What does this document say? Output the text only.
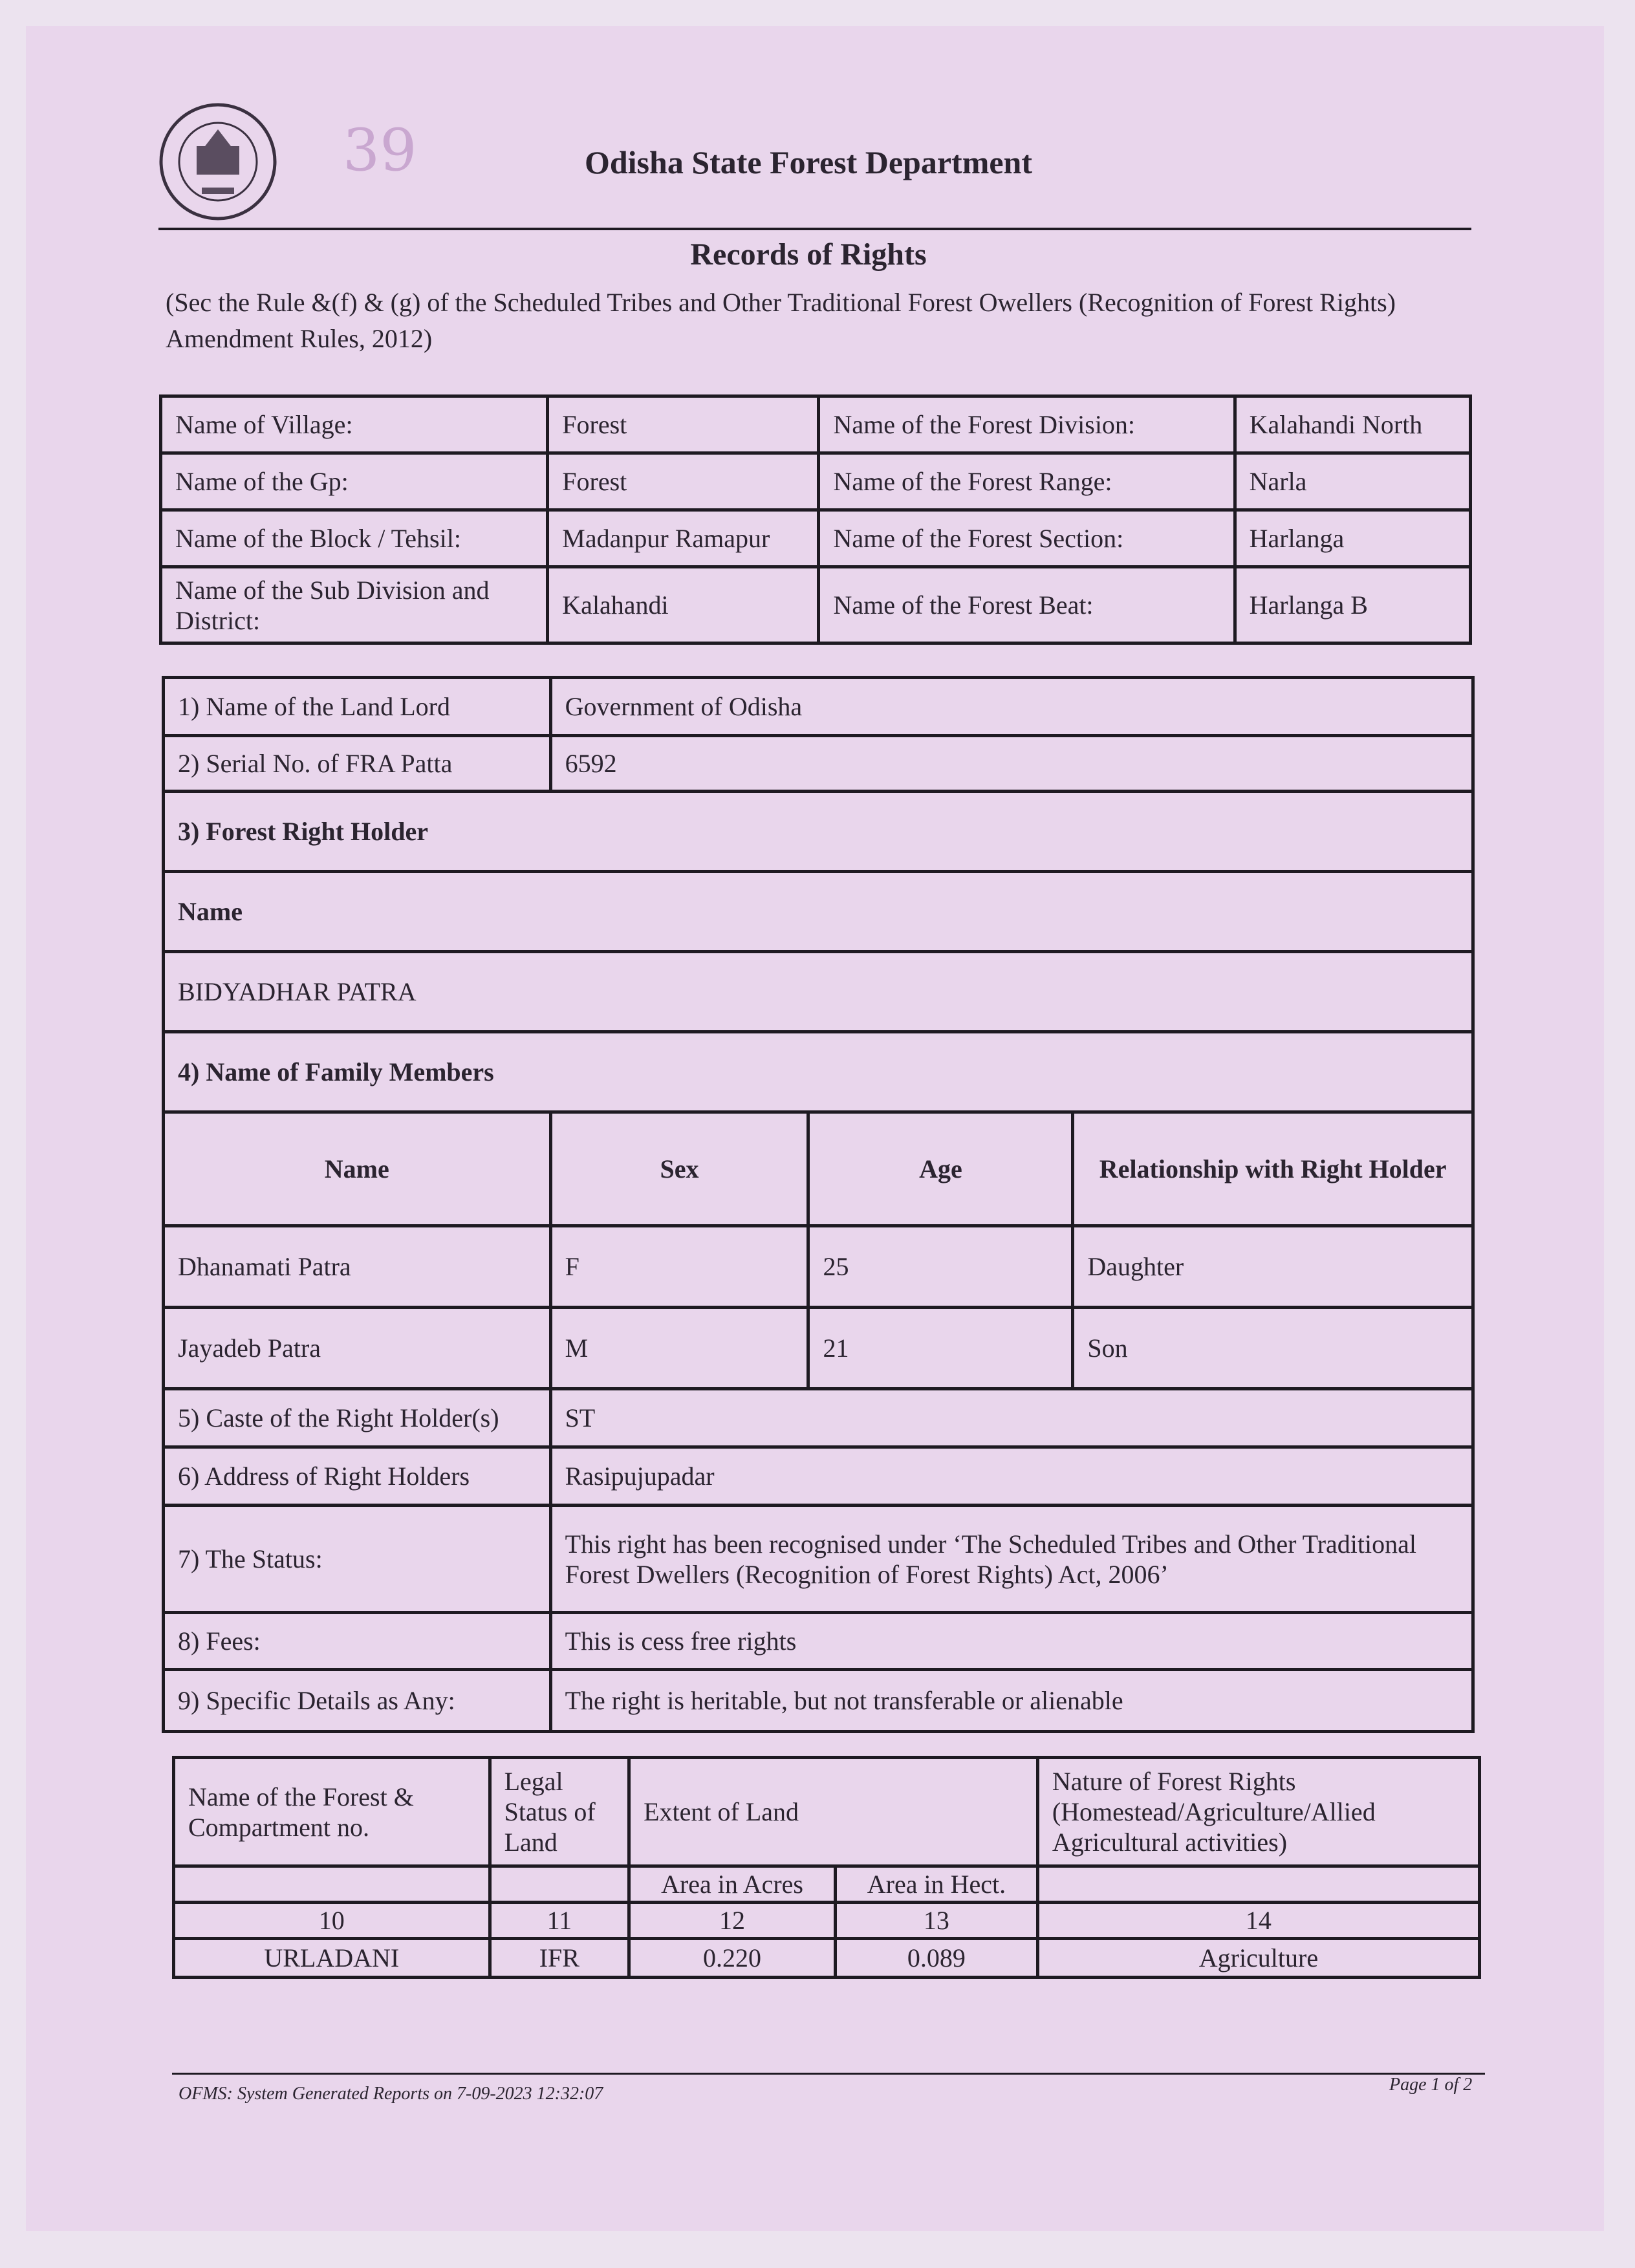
39	Odisha State Forest Department
Records of Rights
(Sec the Rule &(f) & (g) of the Scheduled Tribes and Other Traditional Forest Owellers (Recognition of Forest Rights) Amendment Rules, 2012)
Name of Village:	Forest	Name of the Forest Division:	Kalahandi North
Name of the Gp:	Forest	Name of the Forest Range:	Narla
Name of the Block / Tehsil:	Madanpur Ramapur	Name of the Forest Section:	Harlanga
Name of the Sub Division and District:	Kalahandi	Name of the Forest Beat:	Harlanga B
1) Name of the Land Lord	Government of Odisha		
2) Serial No. of FRA Patta	6592		
3) Forest Right Holder			
Name			
BIDYADHAR PATRA			
4) Name of Family Members			
Name	Sex	Age	Relationship with Right Holder
Dhanamati Patra	F	25	Daughter
Jayadeb Patra	M	21	Son
5) Caste of the Right Holder(s)	ST		
6) Address of Right Holders	Rasipujupadar		
7) The Status:	This right has been recognised under ‘The Scheduled Tribes and Other Traditional
Forest Dwellers (Recognition of Forest Rights) Act, 2006’		

8) Fees:	This is cess free rights		
9) Specific Details as Any:	The right is heritable, but not transferable or alienable		
Name of the Forest & Compartment no.	Legal Status of Land	Extent of Land		Nature of Forest Rights (Homestead/Agriculture/Allied Agricultural activities)
		Area in Acres	Area in Hect.	
10	11	12	13	14
URLADANI	IFR	0.220	0.089	Agriculture
OFMS: System Generated Reports on 7-09-2023 12:32:07	Page 1 of 2
